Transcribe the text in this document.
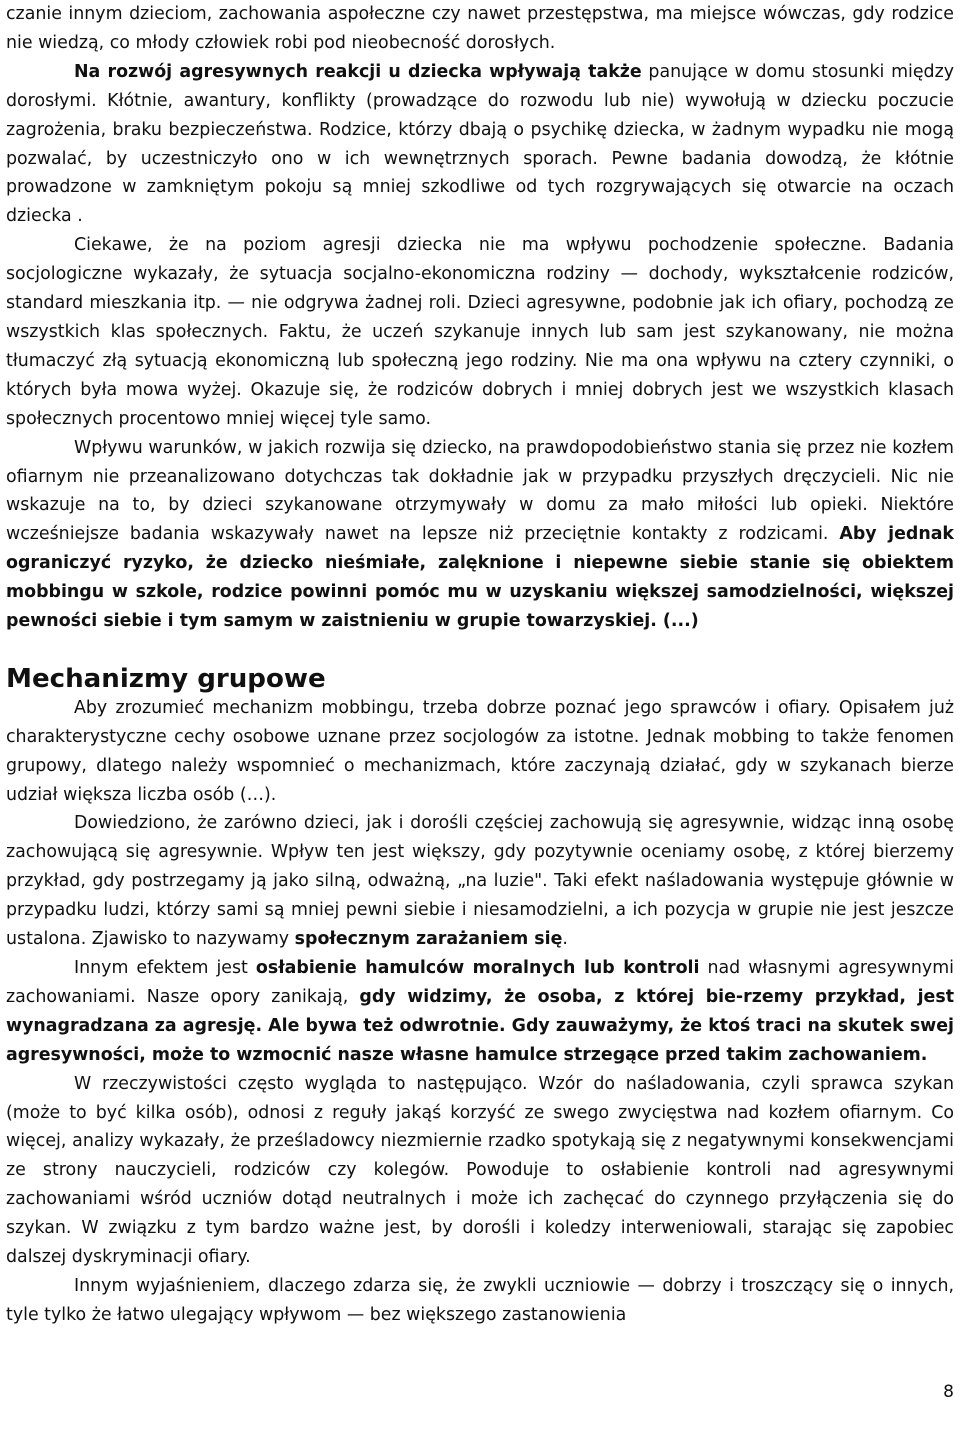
czanie innym dzieciom, zachowania aspołeczne czy nawet przestępstwa, ma miejsce wówczas, gdy rodzice nie wiedzą, co młody człowiek robi pod nieobecność dorosłych.

Na rozwój agresywnych reakcji u dziecka wpływają także panujące w domu stosunki między dorosłymi. Kłótnie, awantury, konflikty (prowadzące do rozwodu lub nie) wywołują w dziecku poczucie zagrożenia, braku bezpieczeństwa. Rodzice, którzy dbają o psychikę dziecka, w żadnym wypadku nie mogą pozwalać, by uczestniczyło ono w ich wewnętrznych sporach. Pewne badania dowodzą, że kłótnie prowadzone w zamkniętym pokoju są mniej szkodliwe od tych rozgrywających się otwarcie na oczach dziecka .

Ciekawe, że na poziom agresji dziecka nie ma wpływu pochodzenie społeczne. Badania socjologiczne wykazały, że sytuacja socjalno-ekonomiczna rodziny — dochody, wykształcenie rodziców, standard mieszkania itp. — nie odgrywa żadnej roli. Dzieci agresywne, podobnie jak ich ofiary, pochodzą ze wszystkich klas społecznych. Faktu, że uczeń szykanuje innych lub sam jest szykanowany, nie można tłumaczyć złą sytuacją ekonomiczną lub społeczną jego rodziny. Nie ma ona wpływu na cztery czynniki, o których była mowa wyżej. Okazuje się, że rodziców dobrych i mniej dobrych jest we wszystkich klasach społecznych procentowo mniej więcej tyle samo.

Wpływu warunków, w jakich rozwija się dziecko, na prawdopodobieństwo stania się przez nie kozłem ofiarnym nie przeanalizowano dotychczas tak dokładnie jak w przypadku przyszłych dręczycieli. Nic nie wskazuje na to, by dzieci szykanowane otrzymywały w domu za mało miłości lub opieki. Niektóre wcześniejsze badania wskazywały nawet na lepsze niż przeciętnie kontakty z rodzicami. Aby jednak ograniczyć ryzyko, że dziecko nieśmiałe, zalęknione i niepewne siebie stanie się obiektem mobbingu w szkole, rodzice powinni pomóc mu w uzyskaniu większej samodzielności, większej pewności siebie i tym samym w zaistnieniu w grupie towarzyskiej. (...)

Mechanizmy grupowe

Aby zrozumieć mechanizm mobbingu, trzeba dobrze poznać jego sprawców i ofiary. Opisałem już charakterystyczne cechy osobowe uznane przez socjologów za istotne. Jednak mobbing to także fenomen grupowy, dlatego należy wspomnieć o mechanizmach, które zaczynają działać, gdy w szykanach bierze udział większa liczba osób (…).

Dowiedziono, że zarówno dzieci, jak i dorośli częściej zachowują się agresywnie, widząc inną osobę zachowującą się agresywnie. Wpływ ten jest większy, gdy pozytywnie oceniamy osobę, z której bierzemy przykład, gdy postrzegamy ją jako silną, odważną, „na luzie". Taki efekt naśladowania występuje głównie w przypadku ludzi, którzy sami są mniej pewni siebie i niesamodzielni, a ich pozycja w grupie nie jest jeszcze ustalona. Zjawisko to nazywamy społecznym zarażaniem się.

Innym efektem jest osłabienie hamulców moralnych lub kontroli nad własnymi agresywnymi zachowaniami. Nasze opory zanikają, gdy widzimy, że osoba, z której bie-rzemy przykład, jest wynagradzana za agresję. Ale bywa też odwrotnie. Gdy zauważymy, że ktoś traci na skutek swej agresywności, może to wzmocnić nasze własne hamulce strzegące przed takim zachowaniem.

W rzeczywistości często wygląda to następująco. Wzór do naśladowania, czyli sprawca szykan (może to być kilka osób), odnosi z reguły jakąś korzyść ze swego zwycięstwa nad kozłem ofiarnym. Co więcej, analizy wykazały, że prześladowcy niezmiernie rzadko spotykają się z negatywnymi konsekwencjami ze strony nauczycieli, rodziców czy kolegów. Powoduje to osłabienie kontroli nad agresywnymi zachowaniami wśród uczniów dotąd neutralnych i może ich zachęcać do czynnego przyłączenia się do szykan. W związku z tym bardzo ważne jest, by dorośli i koledzy interweniowali, starając się zapobiec dalszej dyskryminacji ofiary.

Innym wyjaśnieniem, dlaczego zdarza się, że zwykli uczniowie — dobrzy i troszczący się o innych, tyle tylko że łatwo ulegający wpływom — bez większego zastanowienia

8
